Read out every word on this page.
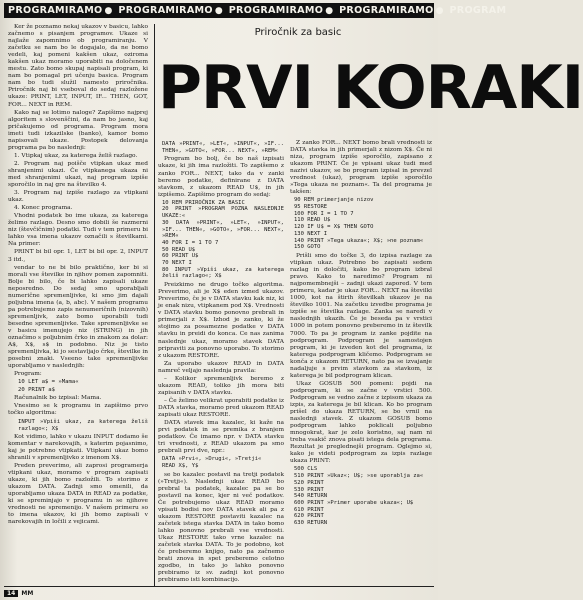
PROGRAMIRAMO ● PROGRAMIRAMO ● PROGRAMIRAMO ● PROGRAMIRAMO ● PROGRAM

Ker že poznamo nekaj ukazov v basicu, lahko začnemo s pisanjem programov. Ukaze si najlaže zapomnimo ob programiranju. V začetku se nam bo le dogajalo, da ne bomo vedeli, kaj pomeni kakšen ukaz, oziroma kakšen ukaz moramo uporabiti na določenem mestu. Zato bomo skupaj napisali program, ki nam bo pomagal pri učenju basica. Program nam bo tudi služil namesto priročnika. Priročnik naj bi vseboval do sedaj razložene ukaze: PRINT, LET, INPUT, IF... THEN, GOT, FOR... NEXT in REM.

Kako naj se lotimo naloge? Zapišimo najprej algoritem s slovenščini, da nam bo jasno, kaj pričakujemo od programa. Program mora imeti tudi izkazilske (banko), kamor bomo napisovali ukaze. Postopek delovanja programa pa bo naslednji:

1. Vtipkaj ukaz, za katerega želiš razlago.

2. Program naj poišče vtipkan ukaz med shranjenimi ukazi. Če vtipkanega ukaza ni med shranjenimi ukazi, naj program izpiše sporočilo in naj gre na številko 4.

3. Program naj izpiše razlago za vtipkani ukaz.

4. Konec programa.

Vhodni podatek bo ime ukaza, za katerega želimo razlago. Desno smo dobili še razmerni niz (števčičnim) podatki. Tudi v tem primeru bi lahko vsa imena ukazov označili s številkami. Na primer:

PRINT bi bil opr. 1, LET bi bil opr. 2, INPUT 3 itd.,

vendar to ne bi bilo praktično, ker bi si morali vse številke in njihov pomen zapomniti. Bolje bi bilo, če bi lahko zapisali ukaze neposredno. Do sedaj smo uporabljali numerične spremenljivke, ki smo jim dajali poljubna imena (a, b, abc). V našem programu pa potrebujemo zapis nenumeričnih (nizovnih) spremenljivk, zato bomo uporabili tudi besedne spremenljivke. Take spremenljivke se v basicu imenujejo niz (STRING) in jih označimo s poljubnim črko in znakom za dolar: A$, X$, s$ in podobno. Niz je tisto spremenljivka, ki jo sestavljajo črke, številke in posebni znaki. Vseeno take spremenljivke uporabljamo v naslednjih:

Program:

10 LET a$ = »Mama«

20 PRINT a$

Računalnik bo izpisal: Mama.

Vnesimo se k programu in zapišimo prvo točko algoritma:

INPUT »Vpiši ukaz, za katerega želiš razlago«; X$

Kot vidimo, lahko v ukazu INPUT dodamo še komentar v narekovajih, s katerim pojasnimo, kaj je potrebno vtipkati. Vtipkani ukaz bomo shranili v spremenljivko z imenom X$.

Preden preverimo, ali zaprosi programerja vtipkani ukaz, moramo v program zapisati ukaze, ki jih bomo razložili. To storimo z ukazom DATA. Zadnji smo omenili, da uporabljamo ukaza DATA in READ za podatke, ki se spreminjajo v programu in se njihove vrednosti ne spremenijo. V našem primeru so to imena ukazov, ki jih bomo zapisali v narekovajih in ločili z vejicami.

Priročnik za basic
PRVI KORAKI

DATA »PRINT«, »LET«, »INPUT«, »IF... THEN«, »GOTO«, »FOR... NEXT«, »REM«

Program bo bolj, če bo naš izpisati ukaze, ki jih ima razložiti. To zapišemo z zanko FOR... NEXT, tako da v zanki beremo podatke, definirane z DATA stavkom, z ukazom READ U$, in jih izpišemo. Zapišimo program do sedaj:

10 REM PRIROČNIK ZA BASIC
20 PRINT »PROGRAM POZNA NASLEDNJE UKAZE:«
30 DATA »PRINT«, »LET«, »INPUT«, »IF... THEN«, »GOTO«, »FOR... NEXT«, »REM«
40 FOR I = 1 TO 7
50 READ U$
60 PRINT U$
70 NEXT I
80 INPUT »Vpiši ukaz, za katerega želiš razlago«; X$

Preizkimo ne drugo točko algoritma. Preverimo, ali je X$ eden izmed ukazov. Preverimo, če je v DATA stavku kak niz, ki je enak nizu, vtipkanem pod X$. Vrednosti v DATA stavku bomo ponovno prebrali in primerjali z X$. Izhod je zanko, ki že stojimo za posamezne podatke v DATA stavku in preidi do konca. Ce nas zanima naslednje ukaz, moramo stavek DATA pripraviti za ponovno uporabo. To storimo z ukazom RESTORE.

Za uporabo ukazov READ in DATA namreč veljajo naslednja pravila:

– Kolikor spremenljivk beremo z ukazom READ, toliko jih mora biti zapisanih v DATA stavku.

– Če želimo velikrat uporabiti podatke iz DATA stavka, moramo pred ukazom READ zapisati ukaz RESTORE.

DATA stavek ima kazalec, ki kaže na prvi podatek in se premika z branjem podatkov. Če imamo npr. v DATA stavku tri vrednosti, z READ ukazom pa smo prebrali prvi dve, npr.:

DATA »Prvi«, »Drugi«, »Tretji«
READ X$, Y$

se bo kazalec postavil na tretji podatek (»Tretji«). Naslednji ukaz READ bo prebral ta podatek, kazalec pa se bo postavil na konec, kjer ni več podatkov. Če potrebujemo ukaz READ moramo vpisati bodisi nov DATA stavek ali pa z ukazom RESTORE postaviti kazalec na začetek istega stavka DATA in tako bomo lahko ponovno prebrali vse vrednosti. Ukaz RESTORE tako vrne kazalec na začetek stavka DATA. To je podobno, kot če preberemo knjigo, nato pa začnemo brati znova in spet preberemo celotno zgodbo, in tako jo lahko ponovno prebiramo iz sv. zadnji kot ponovno prebiramo isti kombinacijo.

Z zanko FOR... NEXT bomo brali vrednosti iz DATA stavka in jih primerjali z nizom X$. Če ni niza, program izpiše sporočilo, zapisano z ukazom PRINT. Če je vpisani ukaz tudi med nazivi ukazov, se bo program izpisal in prevzel vrednost (ukaz), program izpiše sporočilo »Tega ukaza ne poznam«. Ta del programa je takšen:

90 REM primerjanje nizov
95 RESTORE
100 FOR I = 1 TO 7
110 READ U$
120 IF U$ = X$ THEN GOTO
130 NEXT I
140 PRINT »Tega ukaza«; X$; »ne poznam«
150 GOTO

Prišli smo do točke 3, do izpisa razlage za vtipkan ukaz. Potrebno bo zapisati sedem razlag in določiti, kako bo program izbral pravo. Kako to naredimo? Program ni najpomembnejši – zadnji ukazi zapored. V tem primeru, kadar je ukaz FOR... NEXT na številki 1000, kot na štirih številkah ukazov je na številko 1001. Na začetku izvedbe programa je izpiše se številka razlage. Zanka se naredi v naslednjih ukazih. Če je beseda pa v vrstici 1000 in potem ponovno preberemo in iz številk 7000. To pa je program iz zanke pojdite na podprogram. Podprogram je samostojen program, ki je izveden kot del programa, iz katerega podprogram kličemo. Podprogram se konča z ukazom RETURN, nato pa se izvajanje nadaljuje s prvim stavkom za stavkom, iz katerega je bil podprogram klican.

Ukaz GOSUB 500 pomeni: pojdi na podprogram, ki se začne v vrstici 500. Podprogram se vedno začne z izpisom ukaza za izpis, za katerega je bil klican. Ko bo program prišel do ukaza RETURN, se bo vrnil na naslednji stavek. Z ukazom GOSUB bomo podprogram lahko poklicali poljubno mnogokrat, kar je zelo koristno, saj nam ni treba vsakič znova pisati istega dela programa. Rezultat je preglednejši program. Oglejmo si, kako je videti podprogram za izpis razlage ukaza PRINT:

500 CLS
510 PRINT »Ukaz«; U$; »se uporablja za«
520 PRINT
530 PRINT
540 RETURN
600 PRINT »Primer uporabe ukaza«; U$
610 PRINT
620 PRINT
630 RETURN

14	MM
